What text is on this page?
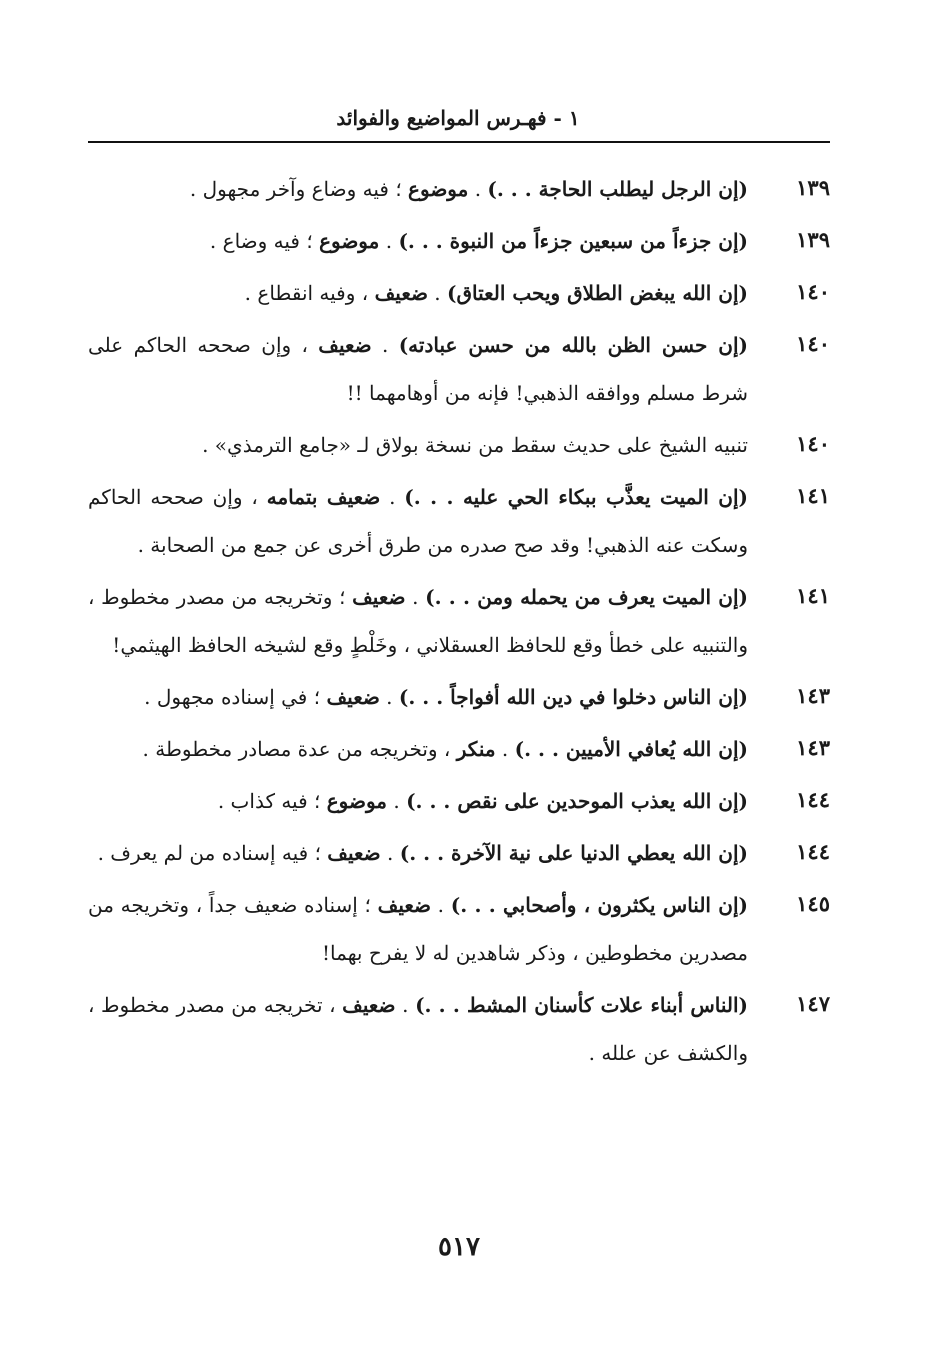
١ - فهـرس المواضيع والفوائد
١٣٩
(إن الرجل ليطلب الحاجة . . .) . موضوع ؛ فيه وضاع وآخر مجهول .
١٣٩
(إن جزءاً من سبعين جزءاً من النبوة . . .) . موضوع ؛ فيه وضاع .
١٤٠
(إن الله يبغض الطلاق ويحب العتاق) . ضعيف ، وفيه انقطاع .
١٤٠
(إن حسن الظن بالله من حسن عبادته) . ضعيف ، وإن صححه الحاكم على شرط مسلم ووافقه الذهبي! فإنه من أوهامهما !!
١٤٠
تنبيه الشيخ على حديث سقط من نسخة بولاق لـ «جامع الترمذي» .
١٤١
(إن الميت يعذَّب ببكاء الحي عليه . . .) . ضعيف بتمامه ، وإن صححه الحاكم وسكت عنه الذهبي! وقد صح صدره من طرق أخرى عن جمع من الصحابة .
١٤١
(إن الميت يعرف من يحمله ومن . . .) . ضعيف ؛ وتخريجه من مصدر مخطوط ، والتنبيه على خطأ وقع للحافظ العسقلاني ، وخَلْطٍ وقع لشيخه الحافظ الهيثمي!
١٤٣
(إن الناس دخلوا في دين الله أفواجاً . . .) . ضعيف ؛ في إسناده مجهول .
١٤٣
(إن الله يُعافي الأميين . . .) . منكر ، وتخريجه من عدة مصادر مخطوطة .
١٤٤
(إن الله يعذب الموحدين على نقص . . .) . موضوع ؛ فيه كذاب .
١٤٤
(إن الله يعطي الدنيا على نية الآخرة . . .) . ضعيف ؛ فيه إسناده من لم يعرف .
١٤٥
(إن الناس يكثرون ، وأصحابي . . .) . ضعيف ؛ إسناده ضعيف جداً ، وتخريجه من مصدرين مخطوطين ، وذكر شاهدين له لا يفرح بهما!
١٤٧
(الناس أبناء علات كأسنان المشط . . .) . ضعيف ، تخريجه من مصدر مخطوط ، والكشف عن علله .
٥١٧
